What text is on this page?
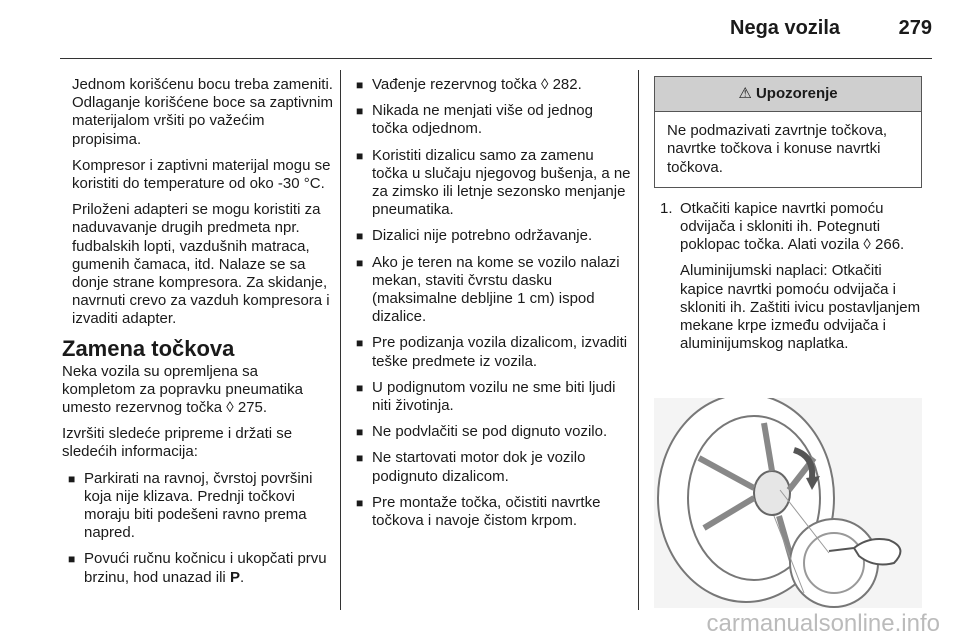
Nega vozila	279
Jednom korišćenu bocu treba zameniti. Odlaganje korišćene boce sa zaptivnim materijalom vršiti po važećim propisima.
Kompresor i zaptivni materijal mogu se koristiti do temperature od oko -30 °C.
Priloženi adapteri se mogu koristiti za naduvavanje drugih predmeta npr. fudbalskih lopti, vazdušnih matraca, gumenih čamaca, itd. Nalaze se sa donje strane kompresora. Za skidanje, navrnuti crevo za vazduh kompresora i izvaditi adapter.
Zamena točkova
Neka vozila su opremljena sa kompletom za popravku pneumatika umesto rezervnog točka ◊ 275.
Izvršiti sledeće pripreme i držati se sledećih informacija:
■ Parkirati na ravnoj, čvrstoj površini koja nije klizava. Prednji točkovi moraju biti podešeni ravno prema napred.
■ Povući ručnu kočnicu i ukopčati prvu brzinu, hod unazad ili P.
■ Vađenje rezervnog točka ◊ 282.
■ Nikada ne menjati više od jednog točka odjednom.
■ Koristiti dizalicu samo za zamenu točka u slučaju njegovog bušenja, a ne za zimsko ili letnje sezonsko menjanje pneumatika.
■ Dizalici nije potrebno održavanje.
■ Ako je teren na kome se vozilo nalazi mekan, staviti čvrstu dasku (maksimalne debljine 1 cm) ispod dizalice.
■ Pre podizanja vozila dizalicom, izvaditi teške predmete iz vozila.
■ U podignutom vozilu ne sme biti ljudi niti životinja.
■ Ne podvlačiti se pod dignuto vozilo.
■ Ne startovati motor dok je vozilo podignuto dizalicom.
■ Pre montaže točka, očistiti navrtke točkova i navoje čistom krpom.
⚠ Upozorenje
Ne podmazivati zavrtnje točkova, navrtke točkova i konuse navrtki točkova.
1. Otkačiti kapice navrtki pomoću odvijača i skloniti ih. Potegnuti poklopac točka. Alati vozila ◊ 266.
Aluminijumski naplaci: Otkačiti kapice navrtki pomoću odvijača i skloniti ih. Zaštiti ivicu postavljanjem mekane krpe između odvijača i aluminijumskog naplatka.
carmanualsonline.info
